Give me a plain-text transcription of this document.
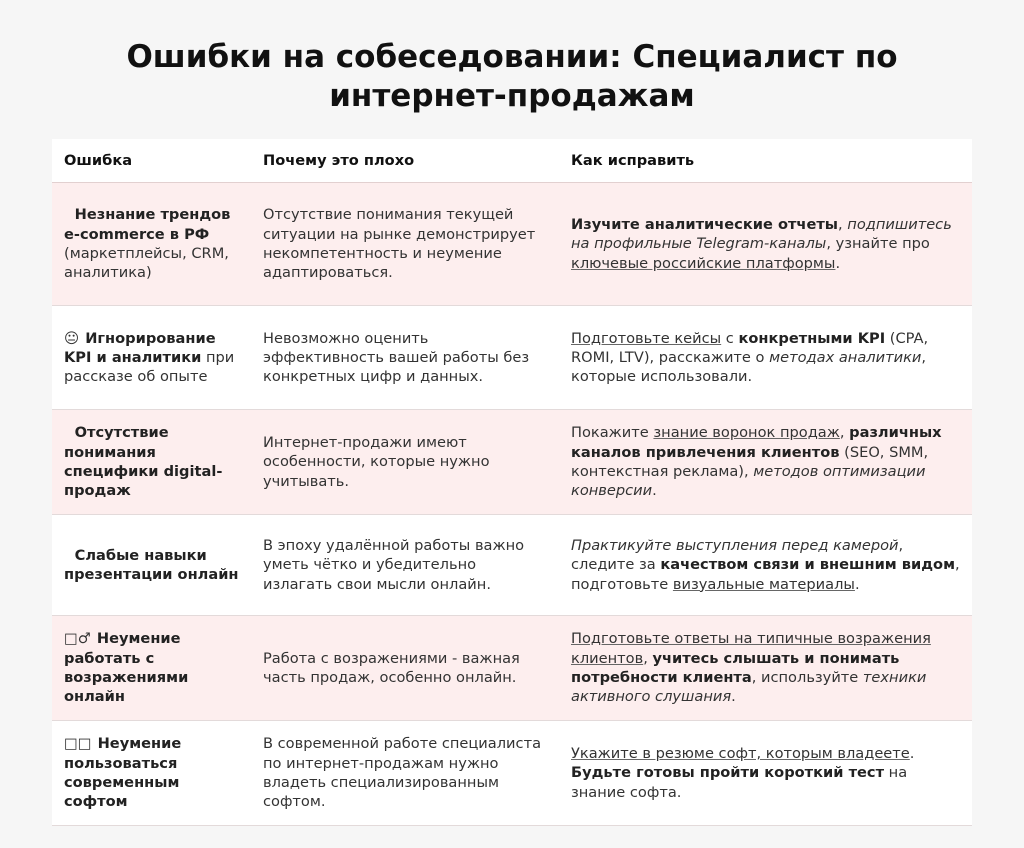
Ошибки на собеседовании: Специалист по
интернет-продажам
Ошибка	Почему это плохо	Как исправить
Незнание трендов e-commerce в РФ (маркетплейсы, CRM, аналитика)	Отсутствие понимания текущей ситуации на рынке демонстрирует некомпетентность и неумение адаптироваться.	Изучите аналитические отчеты, подпишитесь на профильные Telegram-каналы, узнайте про ключевые российские платформы.
😐 Игнорирование KPI и аналитики при рассказе об опыте	Невозможно оценить эффективность вашей работы без конкретных цифр и данных.	Подготовьте кейсы с конкретными KPI (CPA, ROMI, LTV), расскажите о методах аналитики, которые использовали.
Отсутствие понимания специфики digital-продаж	Интернет-продажи имеют особенности, которые нужно учитывать.	Покажите знание воронок продаж, различных каналов привлечения клиентов (SEO, SMM, контекстная реклама), методов оптимизации конверсии.
Слабые навыки презентации онлайн	В эпоху удалённой работы важно уметь чётко и убедительно излагать свои мысли онлайн.	Практикуйте выступления перед камерой, следите за качеством связи и внешним видом, подготовьте визуальные материалы.
□♂ Неумение работать с возражениями онлайн	Работа с возражениями - важная часть продаж, особенно онлайн.	Подготовьте ответы на типичные возражения клиентов, учитесь слышать и понимать потребности клиента, используйте техники активного слушания.
□□ Неумение пользоваться современным софтом	В современной работе специалиста по интернет-продажам нужно владеть специализированным софтом.	Укажите в резюме софт, которым владеете. Будьте готовы пройти короткий тест на знание софта.
